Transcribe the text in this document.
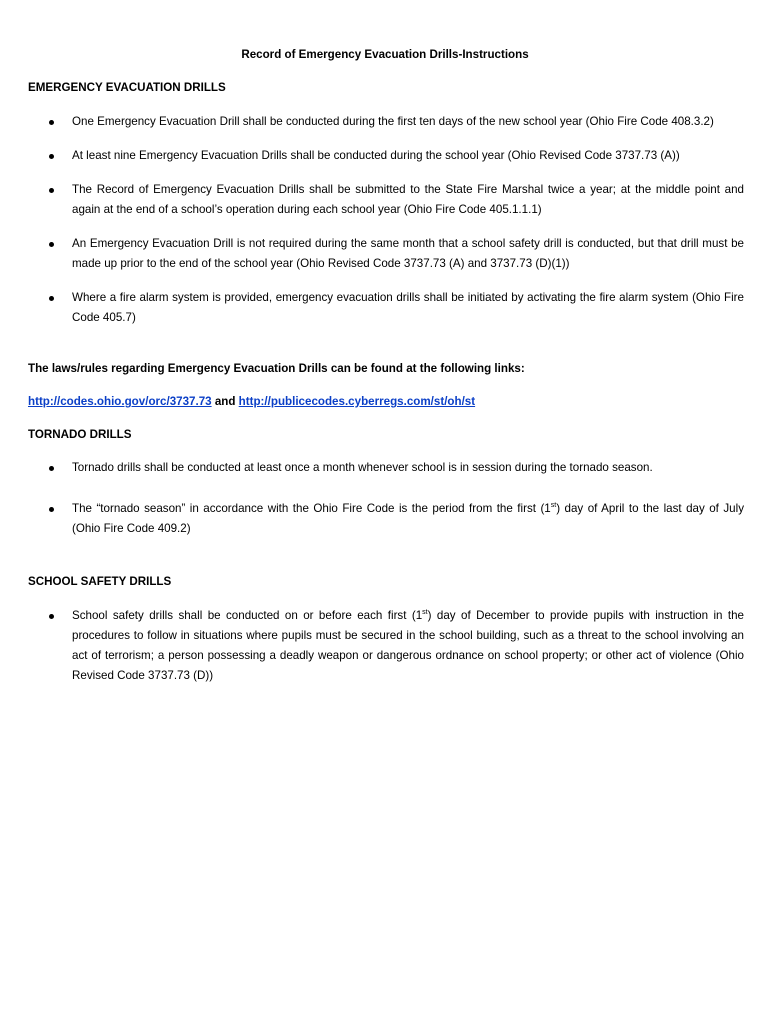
Record of Emergency Evacuation Drills-Instructions
EMERGENCY EVACUATION DRILLS
One Emergency Evacuation Drill shall be conducted during the first ten days of the new school year (Ohio Fire Code 408.3.2)
At least nine Emergency Evacuation Drills shall be conducted during the school year (Ohio Revised Code 3737.73 (A))
The Record of Emergency Evacuation Drills shall be submitted to the State Fire Marshal twice a year; at the middle point and again at the end of a school’s operation during each school year (Ohio Fire Code 405.1.1.1)
An Emergency Evacuation Drill is not required during the same month that a school safety drill is conducted, but that drill must be made up prior to the end of the school year (Ohio Revised Code 3737.73 (A) and 3737.73 (D)(1))
Where a fire alarm system is provided, emergency evacuation drills shall be initiated by activating the fire alarm system (Ohio Fire Code 405.7)
The laws/rules regarding Emergency Evacuation Drills can be found at the following links:
http://codes.ohio.gov/orc/3737.73 and http://publicecodes.cyberregs.com/st/oh/st
TORNADO DRILLS
Tornado drills shall be conducted at least once a month whenever school is in session during the tornado season.
The “tornado season” in accordance with the Ohio Fire Code is the period from the first (1st) day of April to the last day of July (Ohio Fire Code 409.2)
SCHOOL SAFETY DRILLS
School safety drills shall be conducted on or before each first (1st) day of December to provide pupils with instruction in the procedures to follow in situations where pupils must be secured in the school building, such as a threat to the school involving an act of terrorism; a person possessing a deadly weapon or dangerous ordnance on school property; or other act of violence (Ohio Revised Code 3737.73 (D))
